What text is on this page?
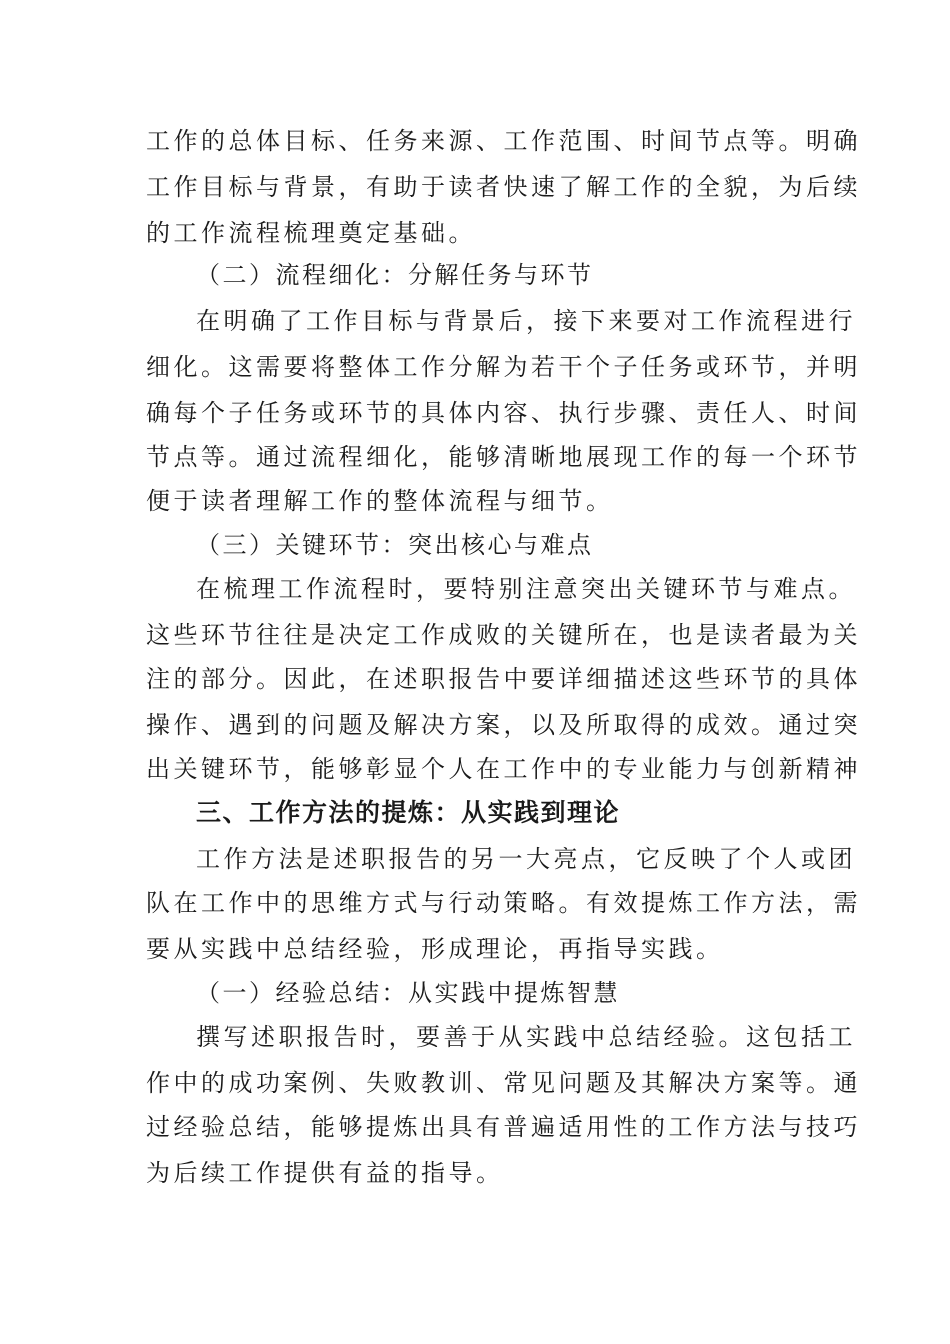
工作的总体目标、任务来源、工作范围、时间节点等。明确
工作目标与背景，有助于读者快速了解工作的全貌，为后续
的工作流程梳理奠定基础。
（二）流程细化：分解任务与环节
在明确了工作目标与背景后，接下来要对工作流程进行
细化。这需要将整体工作分解为若干个子任务或环节，并明
确每个子任务或环节的具体内容、执行步骤、责任人、时间
节点等。通过流程细化，能够清晰地展现工作的每一个环节
便于读者理解工作的整体流程与细节。
（三）关键环节：突出核心与难点
在梳理工作流程时，要特别注意突出关键环节与难点。
这些环节往往是决定工作成败的关键所在，也是读者最为关
注的部分。因此，在述职报告中要详细描述这些环节的具体
操作、遇到的问题及解决方案，以及所取得的成效。通过突
出关键环节，能够彰显个人在工作中的专业能力与创新精神
三、工作方法的提炼：从实践到理论
工作方法是述职报告的另一大亮点，它反映了个人或团
队在工作中的思维方式与行动策略。有效提炼工作方法，需
要从实践中总结经验，形成理论，再指导实践。
（一）经验总结：从实践中提炼智慧
撰写述职报告时，要善于从实践中总结经验。这包括工
作中的成功案例、失败教训、常见问题及其解决方案等。通
过经验总结，能够提炼出具有普遍适用性的工作方法与技巧
为后续工作提供有益的指导。
